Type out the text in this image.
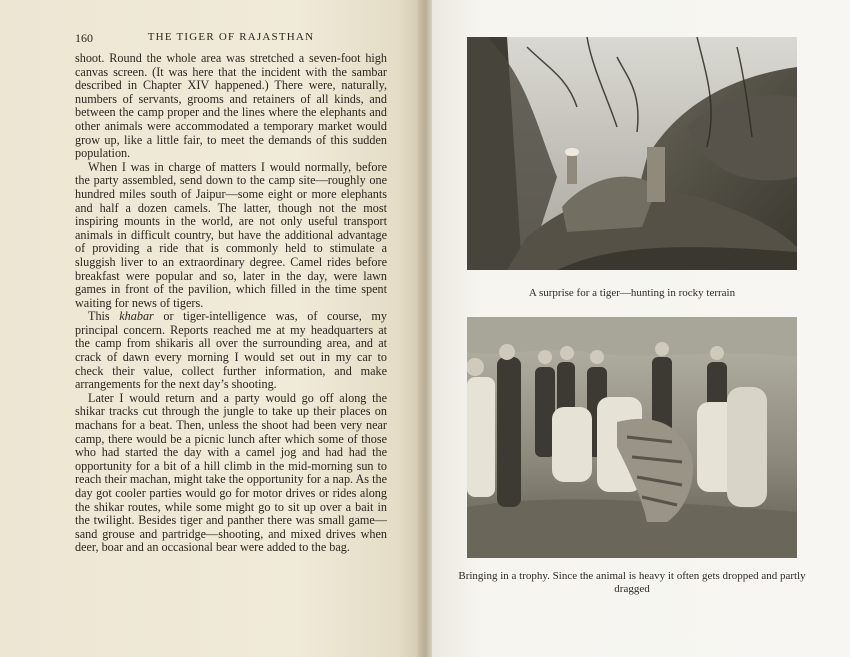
160	THE TIGER OF RAJASTHAN

shoot. Round the whole area was stretched a seven-foot high canvas screen. (It was here that the incident with the sambar described in Chapter XIV happened.) There were, naturally, numbers of servants, grooms and retainers of all kinds, and between the camp proper and the lines where the elephants and other animals were accommodated a temporary market would grow up, like a little fair, to meet the demands of this sudden population.

When I was in charge of matters I would normally, before the party assembled, send down to the camp site—roughly one hundred miles south of Jaipur—some eight or more elephants and half a dozen camels. The latter, though not the most inspiring mounts in the world, are not only useful transport animals in difficult country, but have the additional advantage of providing a ride that is commonly held to stimulate a sluggish liver to an extraordinary degree. Camel rides before breakfast were popular and so, later in the day, were lawn games in front of the pavilion, which filled in the time spent waiting for news of tigers.

This khabar or tiger-intelligence was, of course, my principal concern. Reports reached me at my headquarters at the camp from shikaris all over the surrounding area, and at crack of dawn every morning I would set out in my car to check their value, collect further information, and make arrangements for the next day’s shooting.

Later I would return and a party would go off along the shikar tracks cut through the jungle to take up their places on machans for a beat. Then, unless the shoot had been very near camp, there would be a picnic lunch after which some of those who had started the day with a camel jog and had had the opportunity for a bit of a hill climb in the mid-morning sun to reach their machan, might take the opportunity for a nap. As the day got cooler parties would go for motor drives or rides along the shikar routes, while some might go to sit up over a bait in the twilight. Besides tiger and panther there was small game—sand grouse and partridge—shooting, and mixed drives when deer, boar and an occasional bear were added to the bag.

A surprise for a tiger—hunting in rocky terrain
Bringing in a trophy. Since the animal is heavy it often gets dropped and partly dragged
